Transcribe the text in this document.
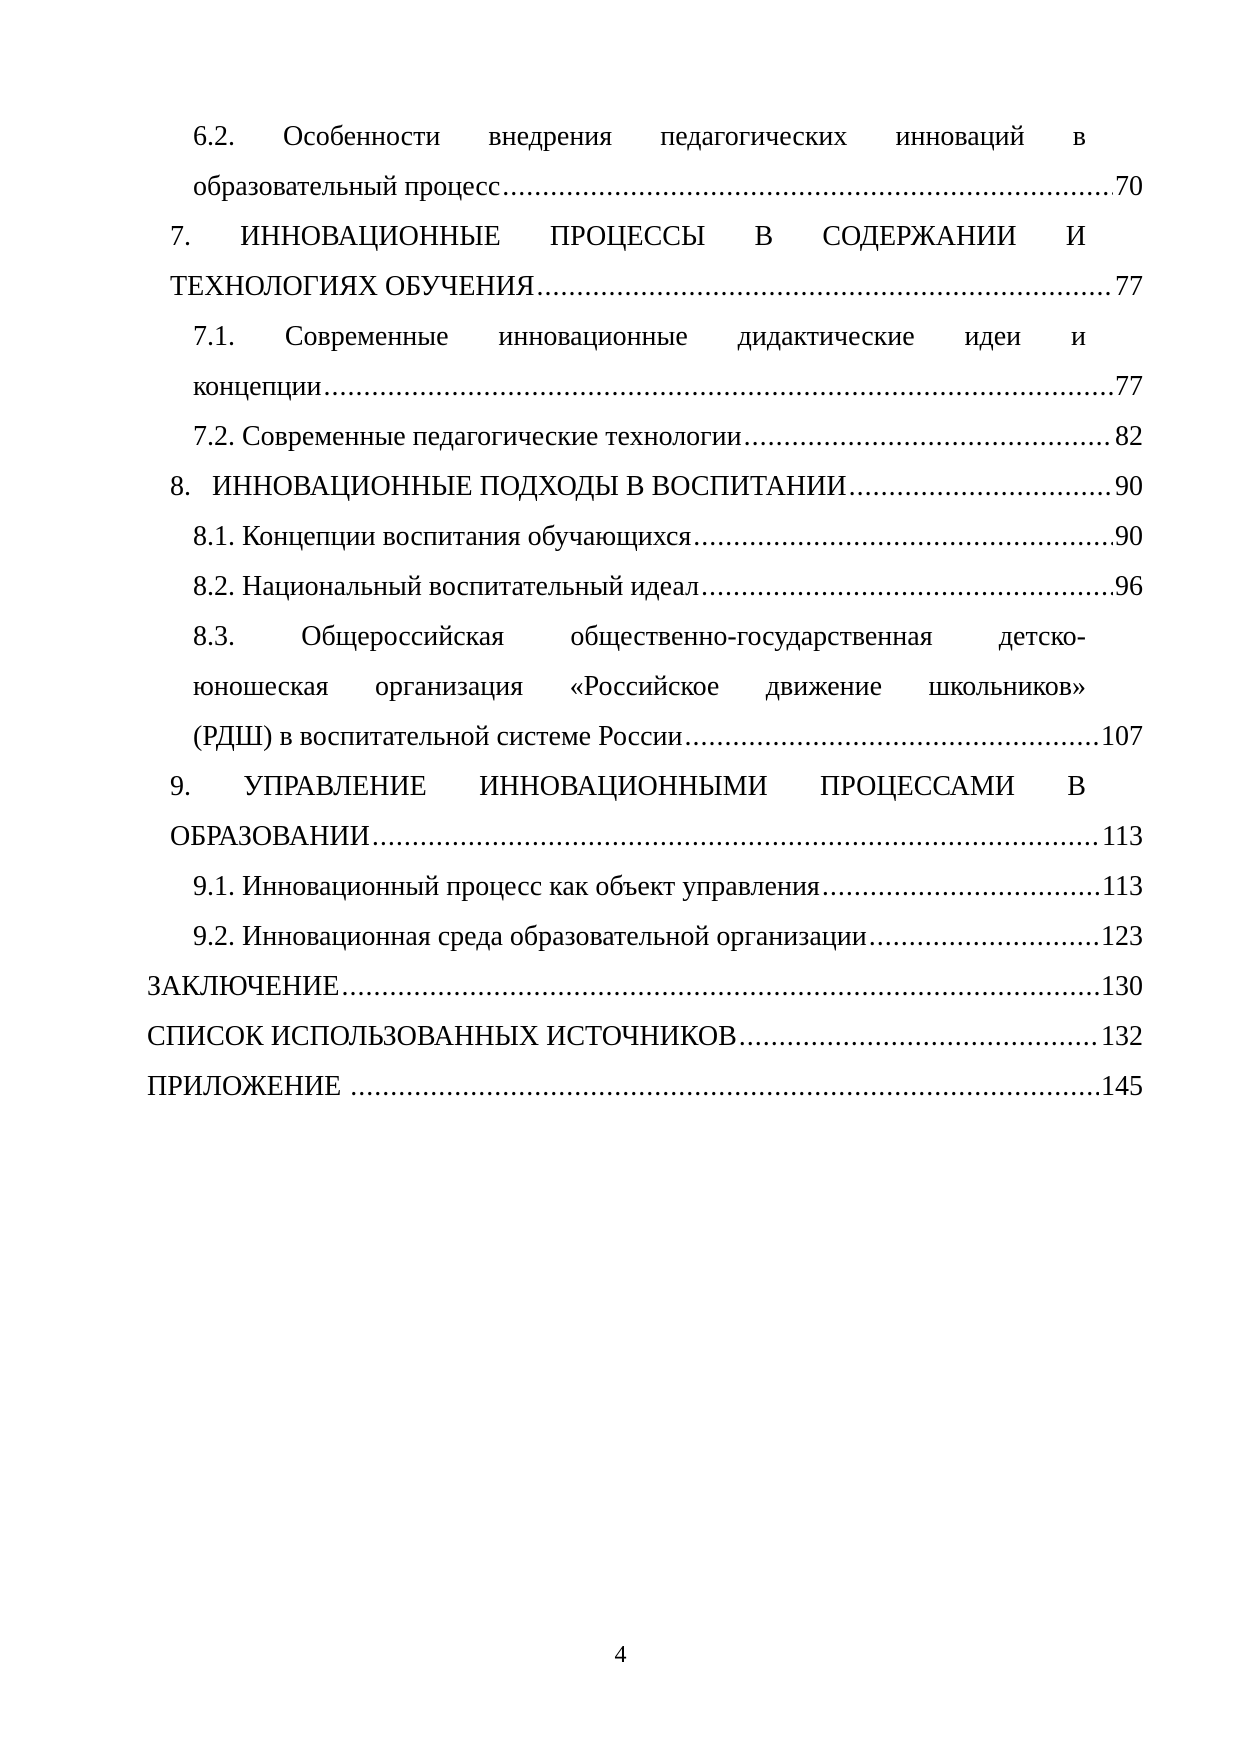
6.2. Особенности внедрения педагогических инноваций в
образовательный процесс .....	70
7. ИННОВАЦИОННЫЕ ПРОЦЕССЫ В СОДЕРЖАНИИ И
ТЕХНОЛОГИЯХ ОБУЧЕНИЯ .....	77
7.1. Современные инновационные дидактические идеи и
концепции .....	77
7.2. Современные педагогические технологии .....	82
8.   ИННОВАЦИОННЫЕ ПОДХОДЫ В ВОСПИТАНИИ .....	90
8.1. Концепции воспитания обучающихся .....	90
8.2. Национальный воспитательный идеал .....	96
8.3. Общероссийская общественно-государственная детско-
юношеская организация «Российское движение школьников»
(РДШ) в воспитательной системе России .....	107
9. УПРАВЛЕНИЕ ИННОВАЦИОННЫМИ ПРОЦЕССАМИ В
ОБРАЗОВАНИИ .....	113
9.1. Инновационный процесс как объект управления .....	113
9.2. Инновационная среда образовательной организации .....	123
ЗАКЛЮЧЕНИЕ .....	130
СПИСОК ИСПОЛЬЗОВАННЫХ ИСТОЧНИКОВ .....	132
ПРИЛОЖЕНИЕ .....	145
4
